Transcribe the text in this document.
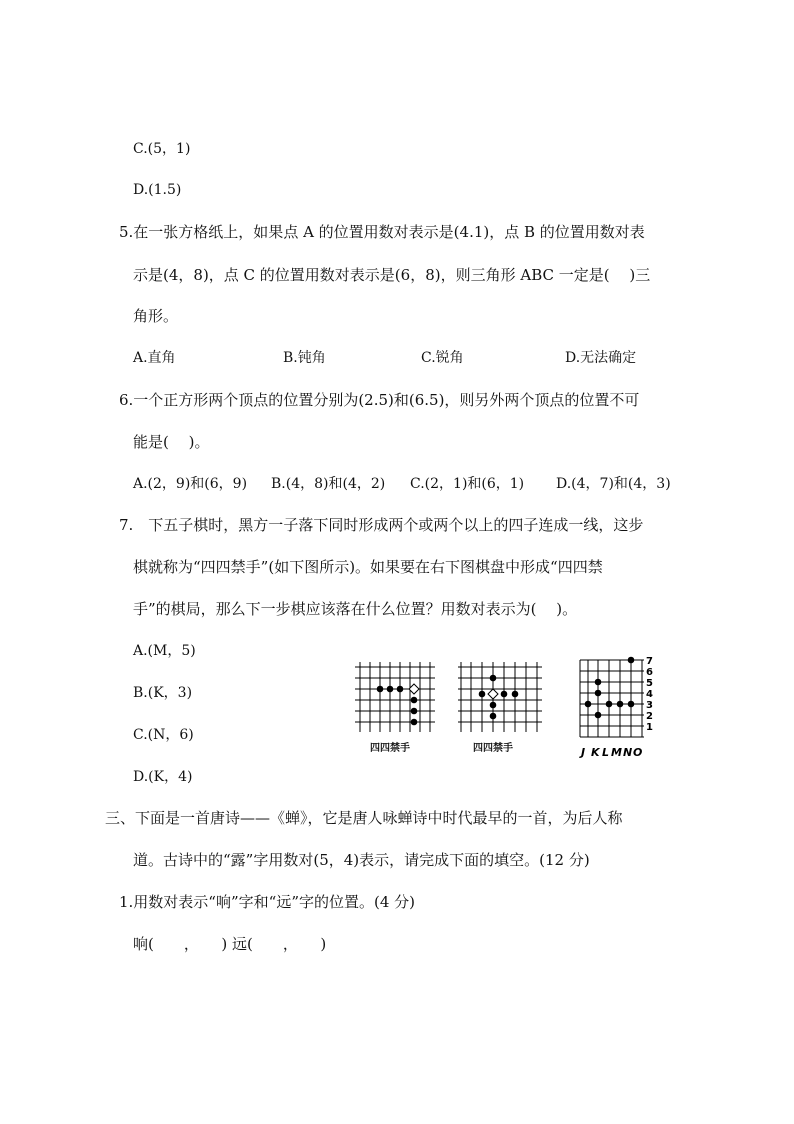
C.(5，1)
D.(1.5)
5.在一张方格纸上，如果点 A 的位置用数对表示是(4.1)，点 B 的位置用数对表
示是(4，8)，点 C 的位置用数对表示是(6，8)，则三角形 ABC 一定是(　 )三
角形。
A.直角	B.钝角	C.锐角	D.无法确定
6.一个正方形两个顶点的位置分别为(2.5)和(6.5)，则另外两个顶点的位置不可
能是(　 )。
A.(2，9)和(6，9) B.(4，8)和(4，2) C.(2，1)和(6，1) D.(4，7)和(4，3)
7.　下五子棋时，黑方一子落下同时形成两个或两个以上的四子连成一线，这步
棋就称为“四四禁手”(如下图所示)。如果要在右下图棋盘中形成“四四禁
手”的棋局，那么下一步棋应该落在什么位置？用数对表示为(　 )。
A.(M，5)
B.(K，3)
C.(N，6)
D.(K，4)
四四禁手	四四禁手
7
6
5
4
3
2
1
J K L M N O
三、下面是一首唐诗——《蝉》，它是唐人咏蝉诗中时代最早的一首，为后人称
道。古诗中的“露”字用数对(5，4)表示，请完成下面的填空。(12 分)
1.用数对表示“响”字和“远”字的位置。(4 分)
响(　　，　　) 远(　　，　　)
